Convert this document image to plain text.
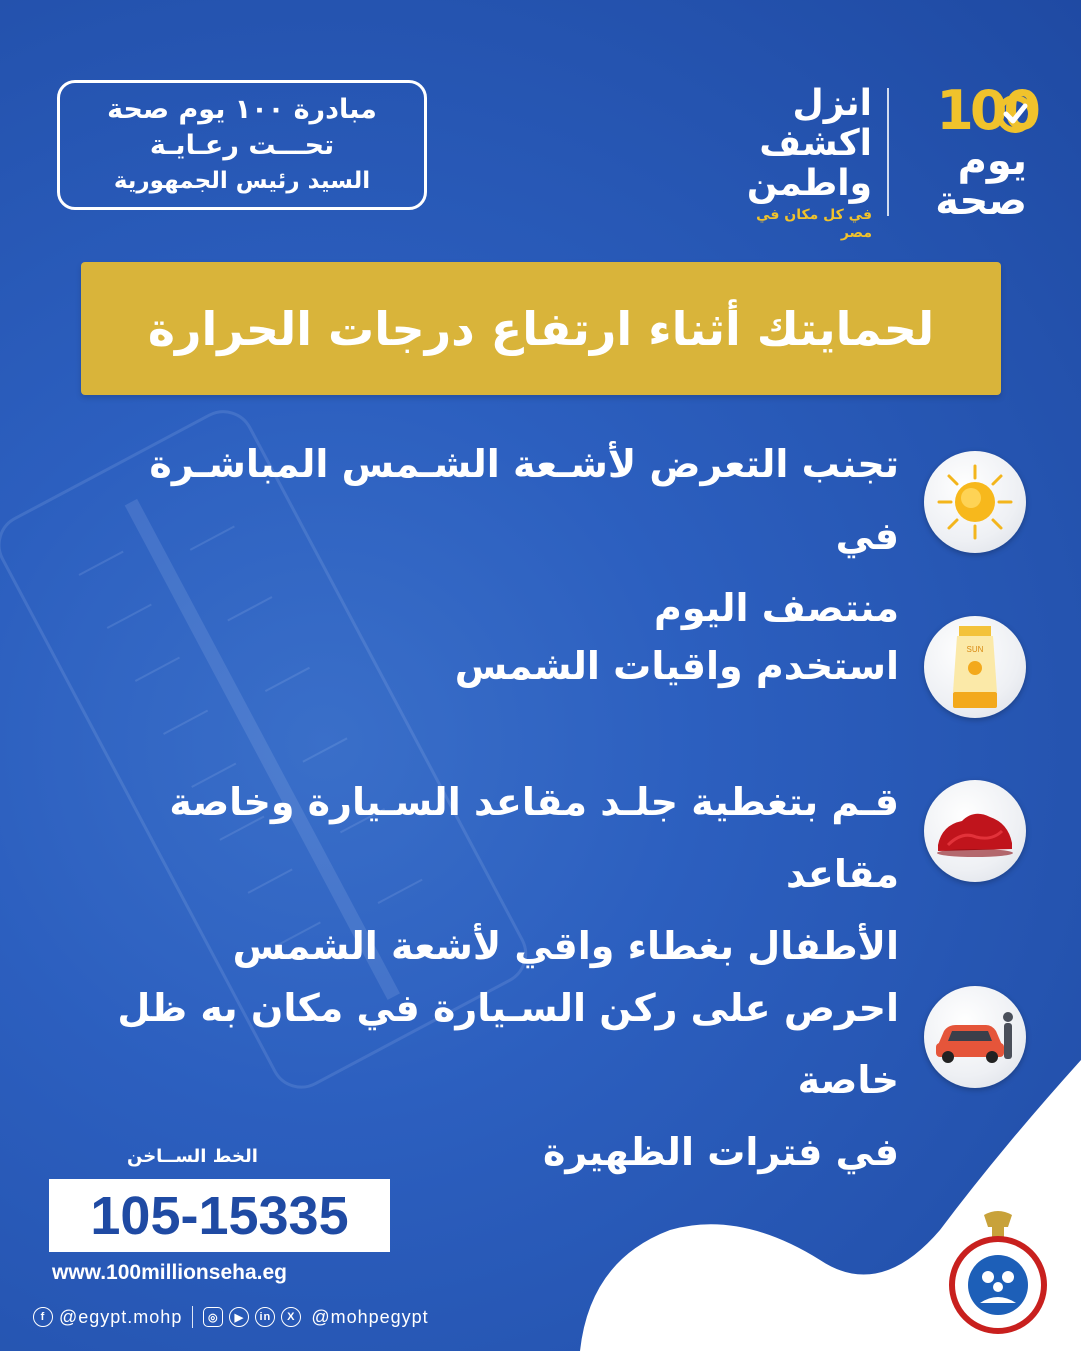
مبادرة ١٠٠ يوم صحة
تحـــت رعـايـة
السيد رئيس الجمهورية
100
يوم
صحة
انزل
اكشف
واطمن
في كل مكان في مصر
لحمايتك أثناء ارتفاع درجات الحرارة
تجنب التعرض لأشـعة الشـمس المباشـرة في
منتصف اليوم
SUN
استخدم واقيات الشمس
قـم بتغطية جلـد مقاعد السـيارة وخاصة مقاعد
الأطفال بغطاء واقي لأشعة الشمس
احرص على ركن السـيارة في مكان به ظل خاصة
في فترات الظهيرة
الخط الســاخن
105-15335
www.100millionseha.eg
f @egypt.mohp	◎	▶	in	X @mohpegypt
